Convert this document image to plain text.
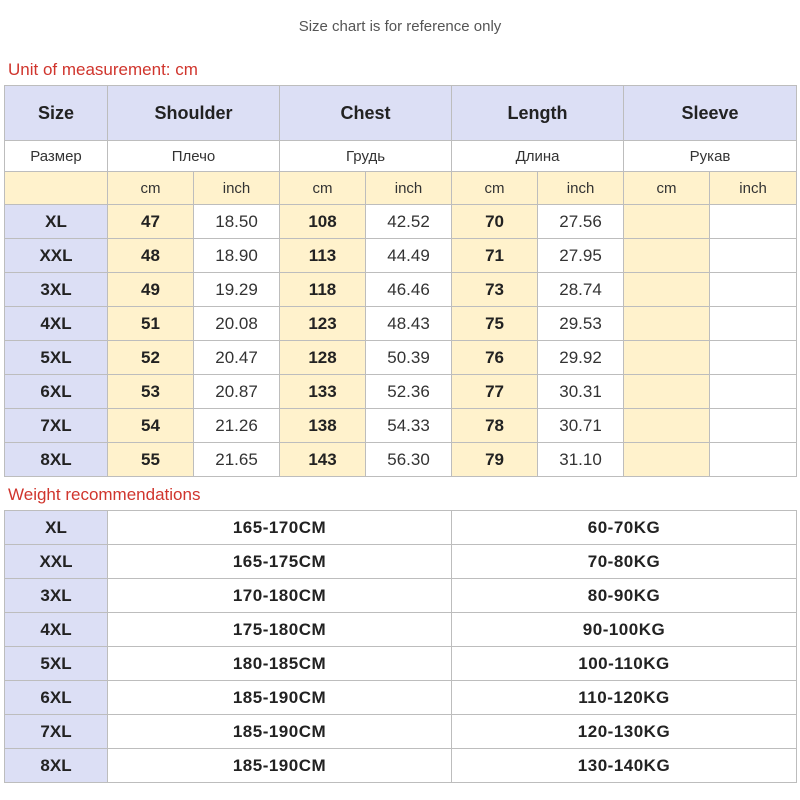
Size chart is for reference only
Unit of measurement: cm
Size	Shoulder		Chest		Length		Sleeve	
Размер	Плечо		Грудь		Длина		Рукав	
	cm	inch	cm	inch	cm	inch	cm	inch
XL	47	18.50	108	42.52	70	27.56		
XXL	48	18.90	113	44.49	71	27.95		
3XL	49	19.29	118	46.46	73	28.74		
4XL	51	20.08	123	48.43	75	29.53		
5XL	52	20.47	128	50.39	76	29.92		
6XL	53	20.87	133	52.36	77	30.31		
7XL	54	21.26	138	54.33	78	30.71		
8XL	55	21.65	143	56.30	79	31.10		
Weight recommendations
XL	165-170CM	60-70KG
XXL	165-175CM	70-80KG
3XL	170-180CM	80-90KG
4XL	175-180CM	90-100KG
5XL	180-185CM	100-110KG
6XL	185-190CM	110-120KG
7XL	185-190CM	120-130KG
8XL	185-190CM	130-140KG
